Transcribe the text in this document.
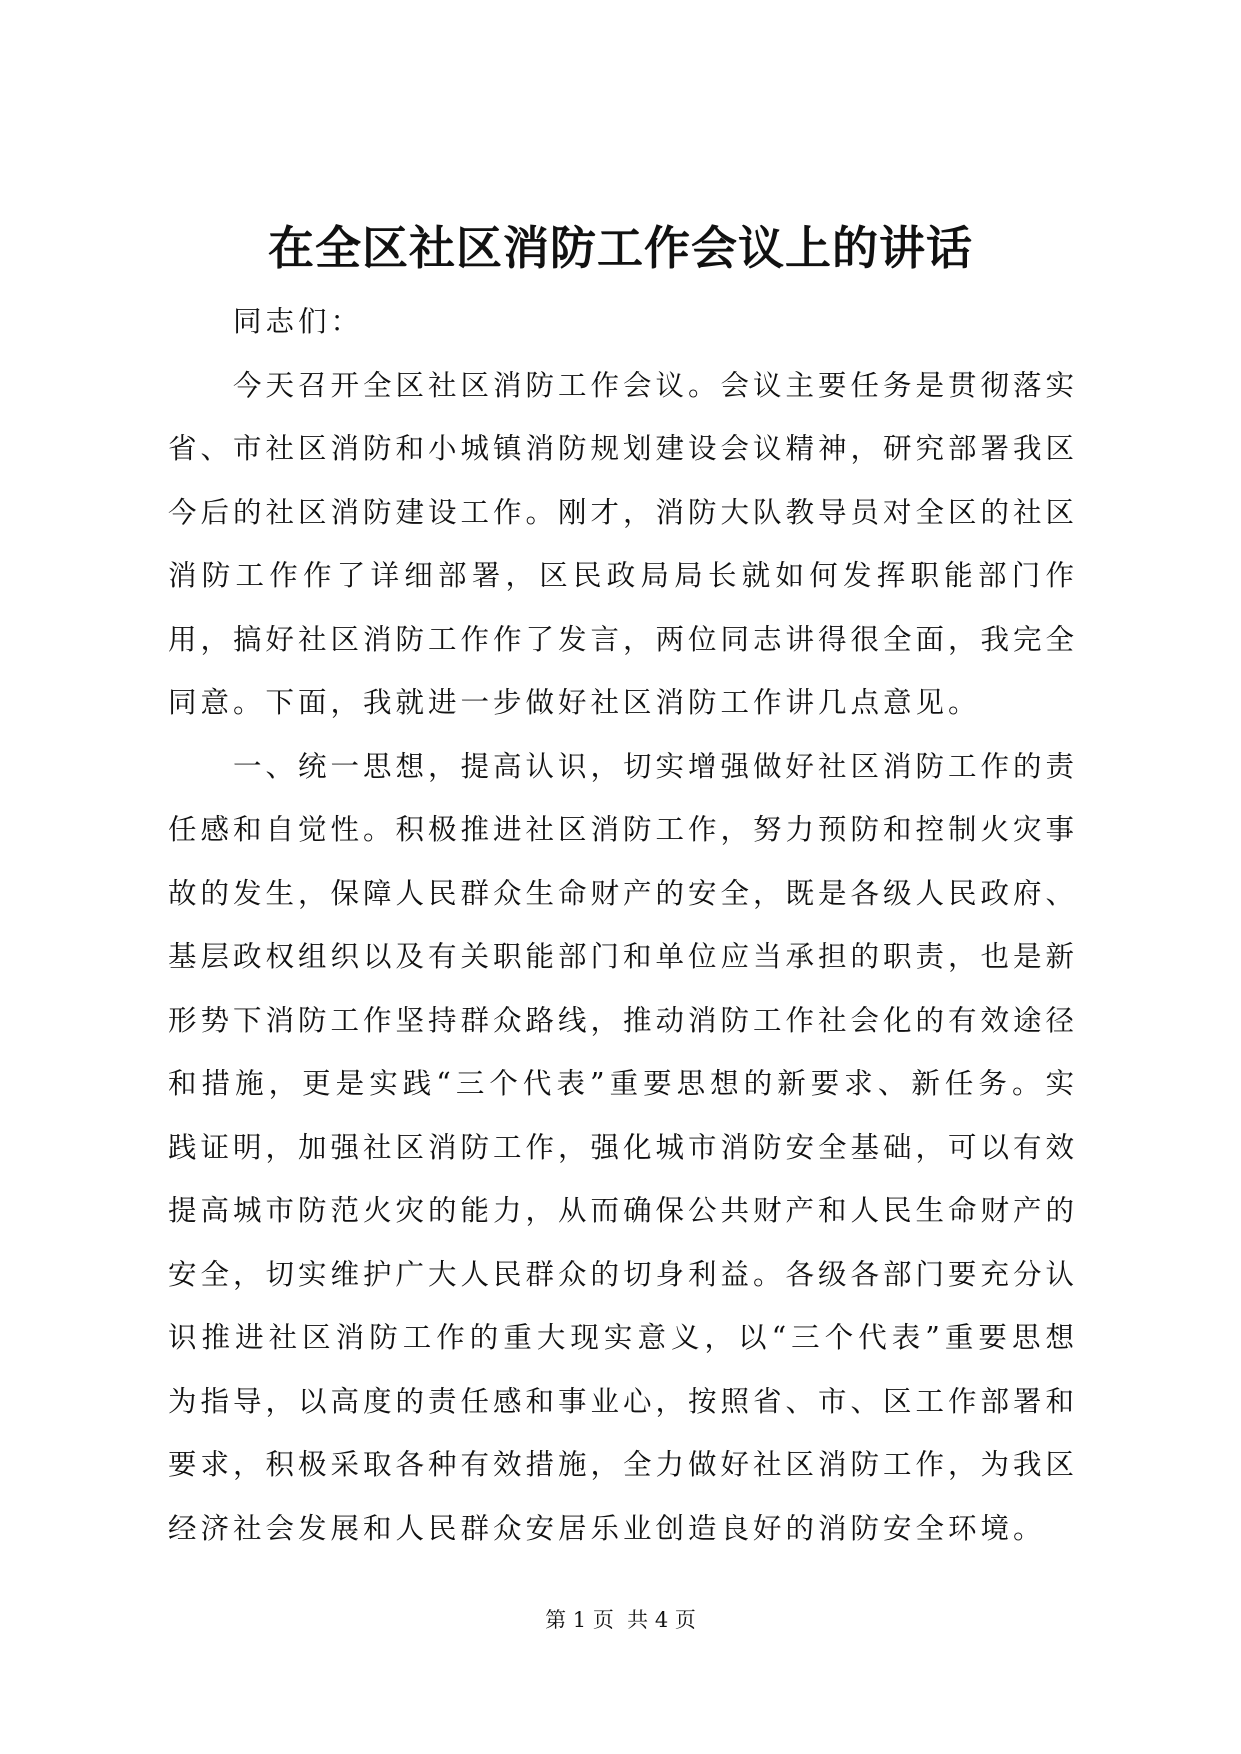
在全区社区消防工作会议上的讲话

同志们：

今天召开全区社区消防工作会议。会议主要任务是贯彻落实省、市社区消防和小城镇消防规划建设会议精神，研究部署我区今后的社区消防建设工作。刚才，消防大队教导员对全区的社区消防工作作了详细部署，区民政局局长就如何发挥职能部门作用，搞好社区消防工作作了发言，两位同志讲得很全面，我完全同意。下面，我就进一步做好社区消防工作讲几点意见。

一、统一思想，提高认识，切实增强做好社区消防工作的责任感和自觉性。积极推进社区消防工作，努力预防和控制火灾事故的发生，保障人民群众生命财产的安全，既是各级人民政府、基层政权组织以及有关职能部门和单位应当承担的职责，也是新形势下消防工作坚持群众路线，推动消防工作社会化的有效途径和措施，更是实践“三个代表”重要思想的新要求、新任务。实践证明，加强社区消防工作，强化城市消防安全基础，可以有效提高城市防范火灾的能力，从而确保公共财产和人民生命财产的安全，切实维护广大人民群众的切身利益。各级各部门要充分认识推进社区消防工作的重大现实意义，以“三个代表”重要思想为指导，以高度的责任感和事业心，按照省、市、区工作部署和要求，积极采取各种有效措施，全力做好社区消防工作，为我区经济社会发展和人民群众安居乐业创造良好的消防安全环境。

第 1 页  共 4 页
